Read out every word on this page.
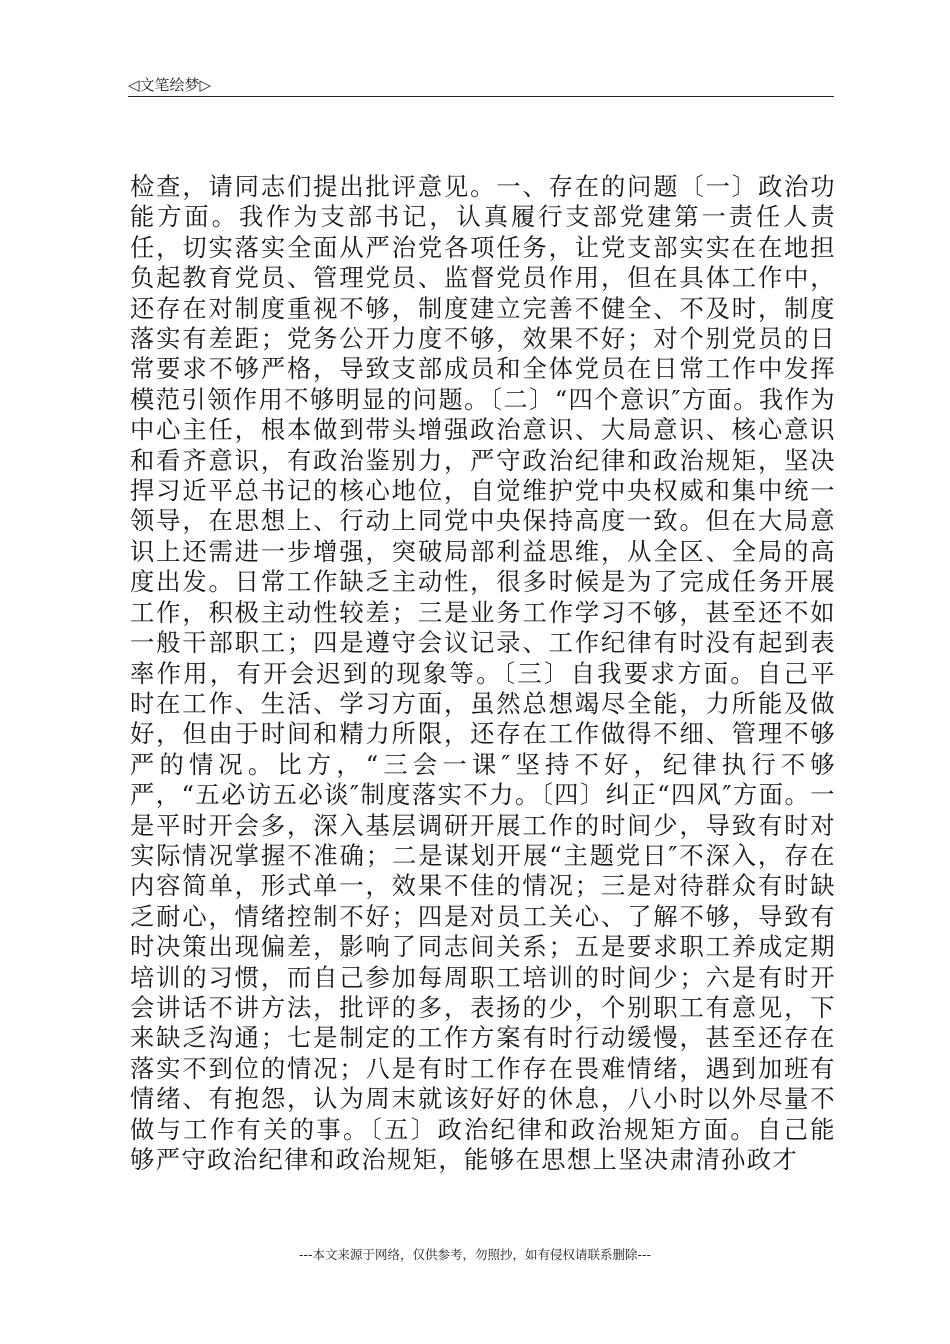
◁文笔绘梦▷

检查，请同志们提出批评意见。一、存在的问题〔一〕政治功能方面。我作为支部书记，认真履行支部党建第一责任人责任，切实落实全面从严治党各项任务，让党支部实实在在地担负起教育党员、管理党员、监督党员作用，但在具体工作中，还存在对制度重视不够，制度建立完善不健全、不及时，制度落实有差距；党务公开力度不够，效果不好；对个别党员的日常要求不够严格，导致支部成员和全体党员在日常工作中发挥模范引领作用不够明显的问题。〔二〕“四个意识″方面。我作为中心主任，根本做到带头增强政治意识、大局意识、核心意识和看齐意识，有政治鉴别力，严守政治纪律和政治规矩，坚决捍习近平总书记的核心地位，自觉维护党中央权威和集中统一领导，在思想上、行动上同党中央保持高度一致。但在大局意识上还需进一步增强，突破局部利益思维，从全区、全局的高度出发。日常工作缺乏主动性，很多时候是为了完成任务开展工作，积极主动性较差；三是业务工作学习不够，甚至还不如一般干部职工；四是遵守会议记录、工作纪律有时没有起到表率作用，有开会迟到的现象等。〔三〕自我要求方面。自己平时在工作、生活、学习方面，虽然总想竭尽全能，力所能及做好，但由于时间和精力所限，还存在工作做得不细、管理不够严的情况。比方，“三会一课″坚持不好，纪律执行不够严，“五必访五必谈″制度落实不力。〔四〕纠正“四风″方面。一是平时开会多，深入基层调研开展工作的时间少，导致有时对实际情况掌握不准确；二是谋划开展“主题党日″不深入，存在内容简单，形式单一，效果不佳的情况；三是对待群众有时缺乏耐心，情绪控制不好；四是对员工关心、了解不够，导致有时决策出现偏差，影响了同志间关系；五是要求职工养成定期培训的习惯，而自己参加每周职工培训的时间少；六是有时开会讲话不讲方法，批评的多，表扬的少，个别职工有意见，下来缺乏沟通；七是制定的工作方案有时行动缓慢，甚至还存在落实不到位的情况；八是有时工作存在畏难情绪，遇到加班有情绪、有抱怨，认为周末就该好好的休息，八小时以外尽量不做与工作有关的事。〔五〕政治纪律和政治规矩方面。自己能够严守政治纪律和政治规矩，能够在思想上坚决肃清孙政才

---本文来源于网络，仅供参考，勿照抄，如有侵权请联系删除---
